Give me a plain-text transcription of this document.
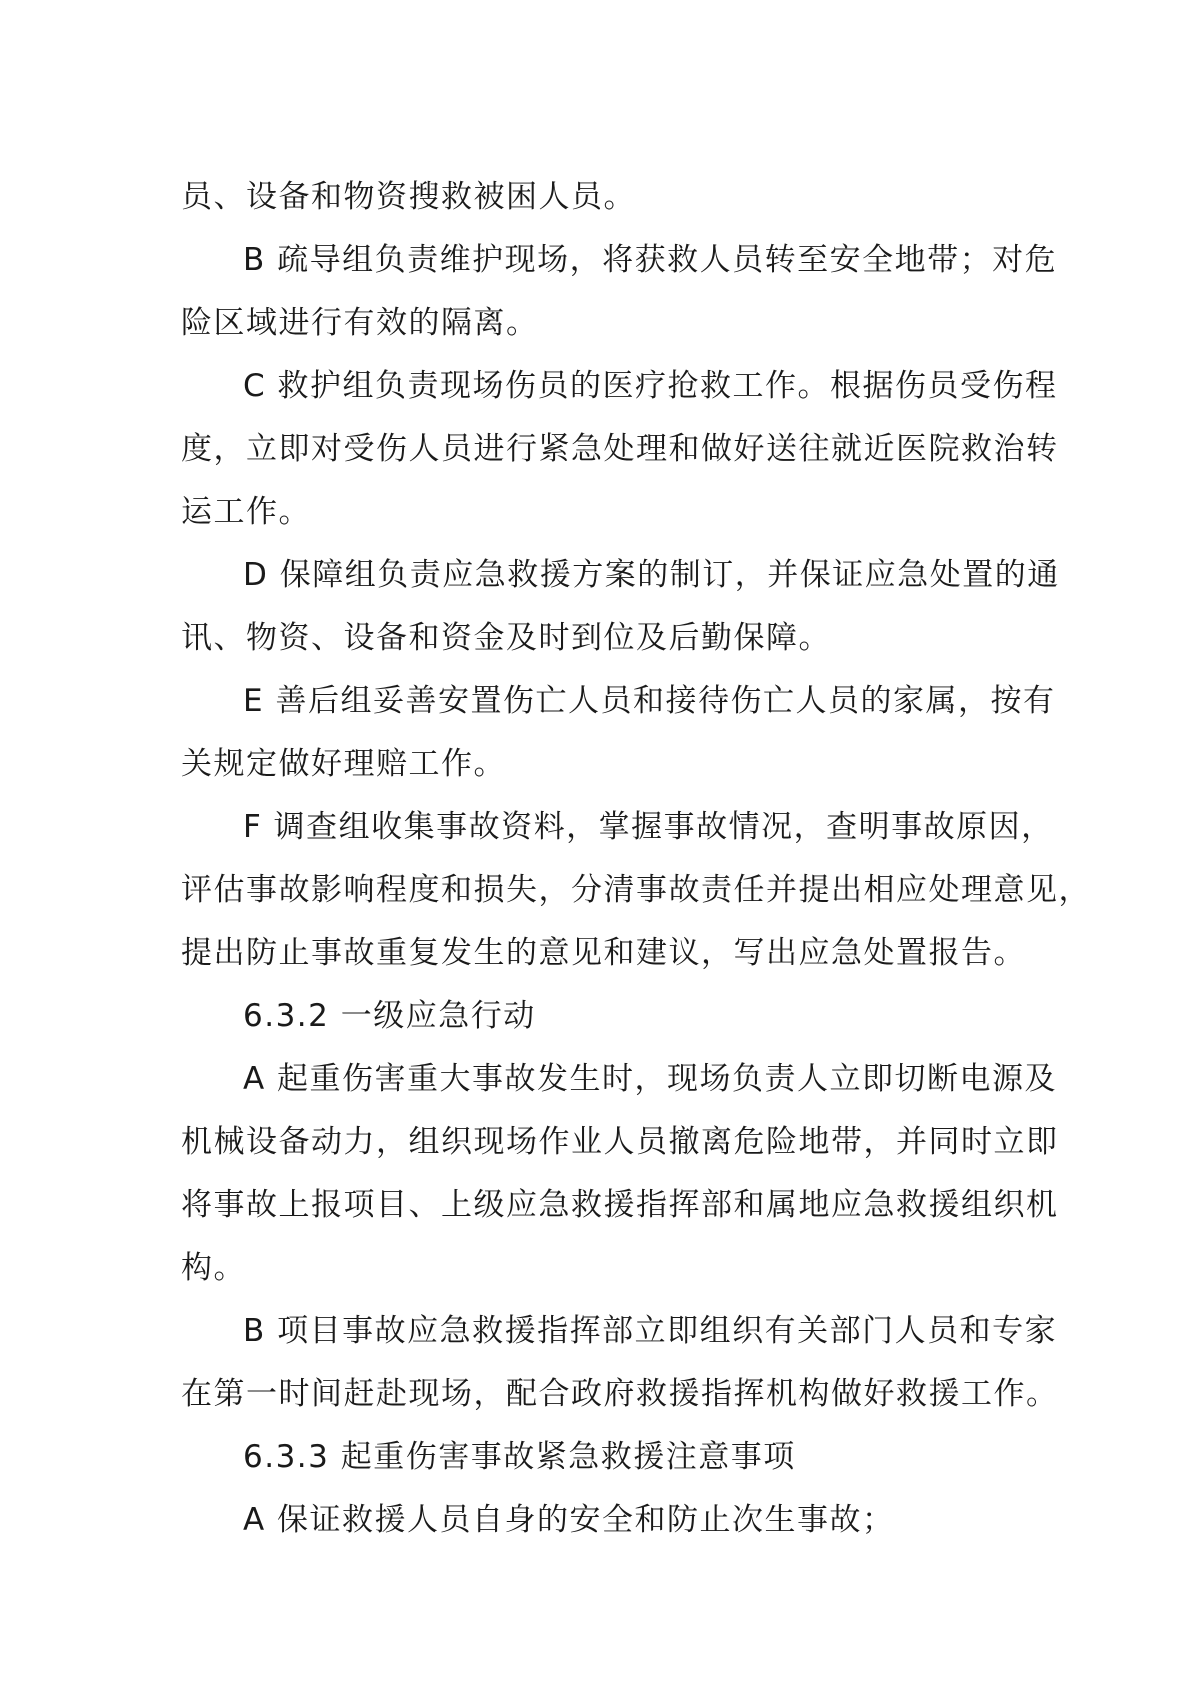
员、设备和物资搜救被困人员。
B 疏导组负责维护现场，将获救人员转至安全地带；对危
险区域进行有效的隔离。
C 救护组负责现场伤员的医疗抢救工作。根据伤员受伤程
度，立即对受伤人员进行紧急处理和做好送往就近医院救治转
运工作。
D 保障组负责应急救援方案的制订，并保证应急处置的通
讯、物资、设备和资金及时到位及后勤保障。
E 善后组妥善安置伤亡人员和接待伤亡人员的家属，按有
关规定做好理赔工作。
F 调查组收集事故资料，掌握事故情况，查明事故原因，
评估事故影响程度和损失，分清事故责任并提出相应处理意见，
提出防止事故重复发生的意见和建议，写出应急处置报告。
6.3.2 一级应急行动
A 起重伤害重大事故发生时，现场负责人立即切断电源及
机械设备动力，组织现场作业人员撤离危险地带，并同时立即
将事故上报项目、上级应急救援指挥部和属地应急救援组织机
构。
B 项目事故应急救援指挥部立即组织有关部门人员和专家
在第一时间赶赴现场，配合政府救援指挥机构做好救援工作。
6.3.3 起重伤害事故紧急救援注意事项
A 保证救援人员自身的安全和防止次生事故；
